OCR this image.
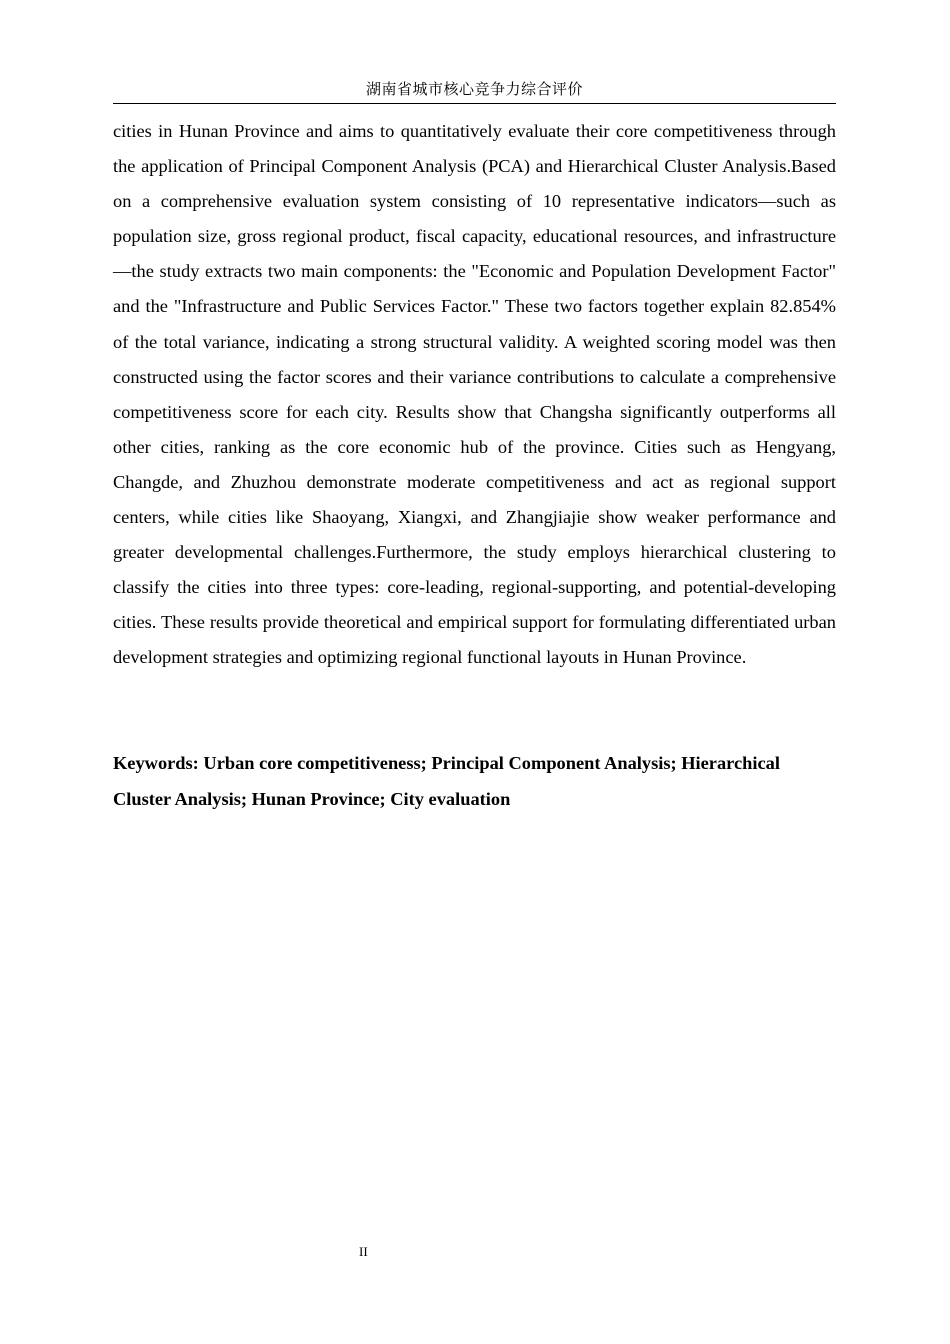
湖南省城市核心竞争力综合评价

cities in Hunan Province and aims to quantitatively evaluate their core competitiveness through the application of Principal Component Analysis (PCA) and Hierarchical Cluster Analysis.Based on a comprehensive evaluation system consisting of 10 representative indicators—such as population size, gross regional product, fiscal capacity, educational resources, and infrastructure—the study extracts two main components: the "Economic and Population Development Factor" and the "Infrastructure and Public Services Factor." These two factors together explain 82.854% of the total variance, indicating a strong structural validity. A weighted scoring model was then constructed using the factor scores and their variance contributions to calculate a comprehensive competitiveness score for each city. Results show that Changsha significantly outperforms all other cities, ranking as the core economic hub of the province. Cities such as Hengyang, Changde, and Zhuzhou demonstrate moderate competitiveness and act as regional support centers, while cities like Shaoyang, Xiangxi, and Zhangjiajie show weaker performance and greater developmental challenges.Furthermore, the study employs hierarchical clustering to classify the cities into three types: core-leading, regional-supporting, and potential-developing cities. These results provide theoretical and empirical support for formulating differentiated urban development strategies and optimizing regional functional layouts in Hunan Province.

Keywords: Urban core competitiveness; Principal Component Analysis; Hierarchical Cluster Analysis; Hunan Province; City evaluation

II
